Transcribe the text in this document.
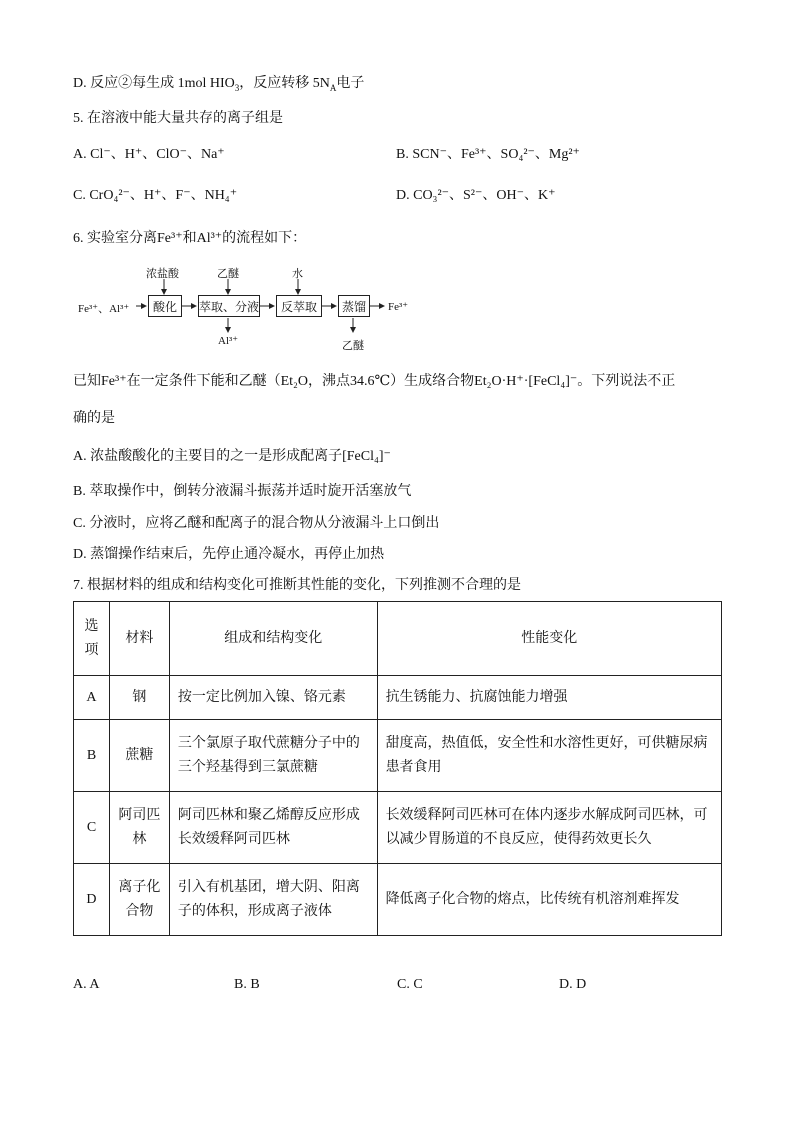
D. 反应②每生成 1mol $HIO_3$，反应转移 $5N_A$电子
5. 在溶液中能大量共存的离子组是
A. Cl⁻、H⁺、ClO⁻、Na⁺	B. SCN⁻、Fe³⁺、SO₄²⁻、Mg²⁺
C. CrO₄²⁻、H⁺、F⁻、NH₄⁺	D. CO₃²⁻、S²⁻、OH⁻、K⁺
6. 实验室分离Fe³⁺和Al³⁺的流程如下：
Fe³⁺、Al³⁺	酸化
浓盐酸
萃取、分液
乙醚
Al³⁺
反萃取
水
蒸馏
乙醚
Fe³⁺
已知Fe³⁺在一定条件下能和乙醚（Et₂O，沸点34.6℃）生成络合物Et₂O·H⁺·[FeCl₄]⁻。下列说法不正
确的是
A. 浓盐酸酸化的主要目的之一是形成配离子[FeCl₄]⁻
B. 萃取操作中，倒转分液漏斗振荡并适时旋开活塞放气
C. 分液时，应将乙醚和配离子的混合物从分液漏斗上口倒出
D. 蒸馏操作结束后，先停止通冷凝水，再停止加热
7. 根据材料的组成和结构变化可推断其性能的变化，下列推测不合理的是
选项	材料	组成和结构变化	性能变化
A	钢	按一定比例加入镍、铬元素	抗生锈能力、抗腐蚀能力增强
B	蔗糖	三个氯原子取代蔗糖分子中的三个羟基得到三氯蔗糖	甜度高，热值低，安全性和水溶性更好，可供糖尿病患者食用
C	阿司匹林	阿司匹林和聚乙烯醇反应形成长效缓释阿司匹林	长效缓释阿司匹林可在体内逐步水解成阿司匹林，可以减少胃肠道的不良反应，使得药效更长久
D	离子化合物	引入有机基团，增大阴、阳离子的体积，形成离子液体	降低离子化合物的熔点，比传统有机溶剂难挥发
A. A	B. B	C. C	D. D
